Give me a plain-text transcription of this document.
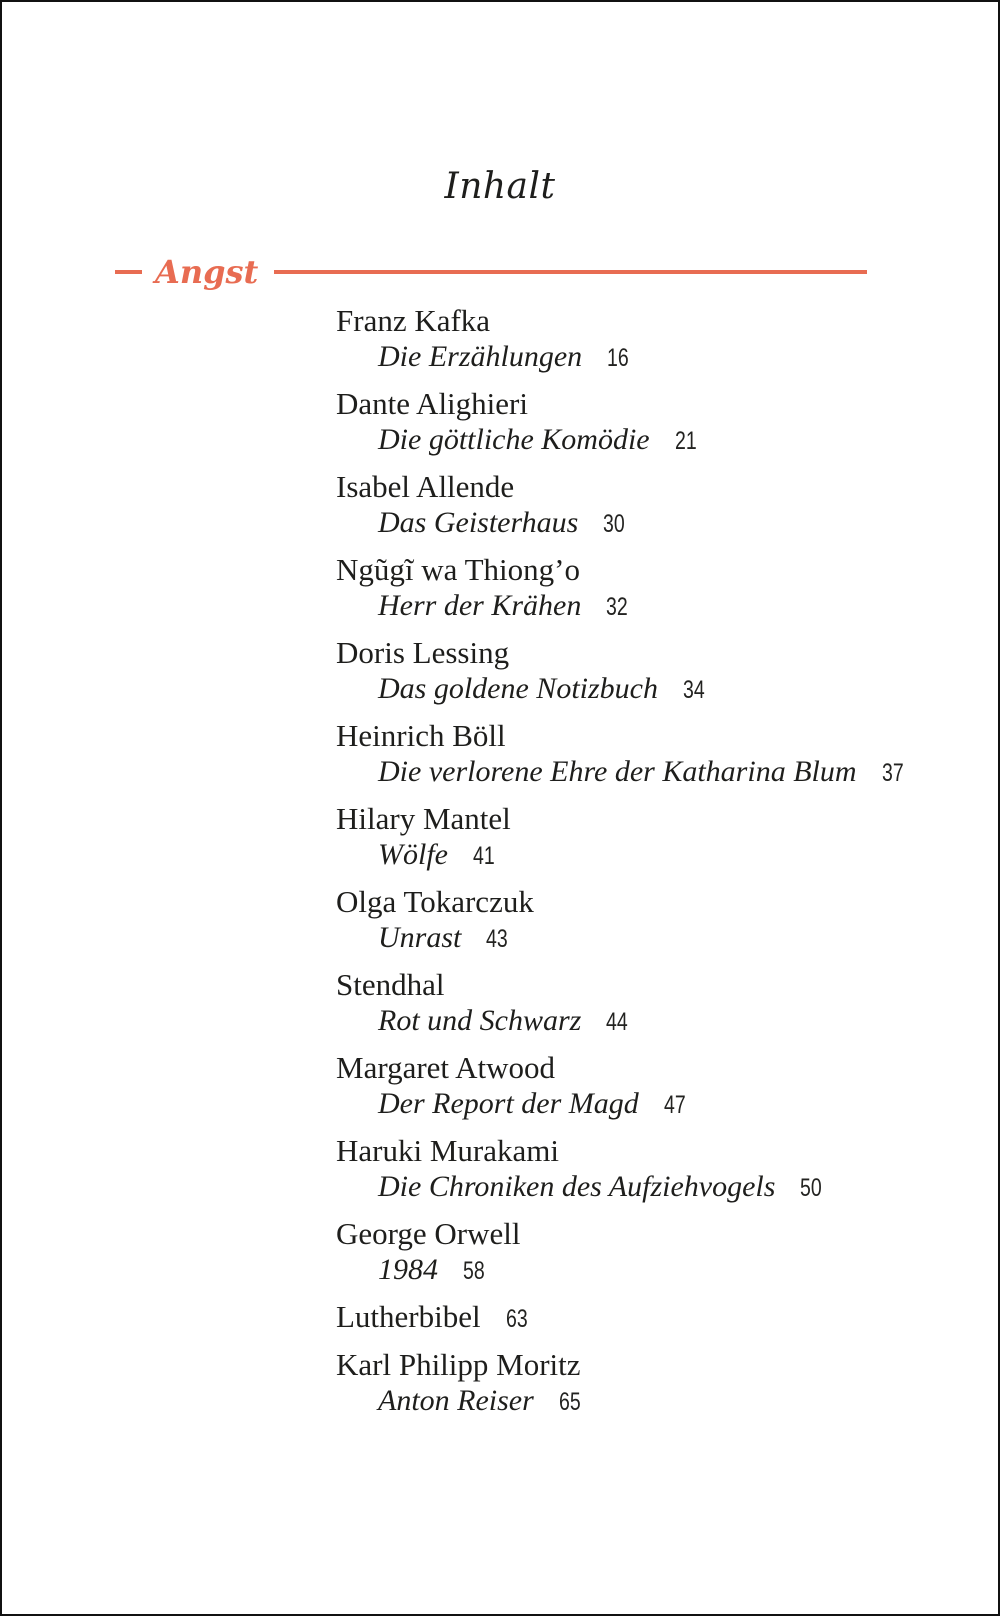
Inhalt
Angst
Franz Kafka
Die Erzählungen 16
Dante Alighieri
Die göttliche Komödie 21
Isabel Allende
Das Geisterhaus 30
Ngũgĩ wa Thiong’o
Herr der Krähen 32
Doris Lessing
Das goldene Notizbuch 34
Heinrich Böll
Die verlorene Ehre der Katharina Blum 37
Hilary Mantel
Wölfe 41
Olga Tokarczuk
Unrast 43
Stendhal
Rot und Schwarz 44
Margaret Atwood
Der Report der Magd 47
Haruki Murakami
Die Chroniken des Aufziehvogels 50
George Orwell
1984 58
Lutherbibel 63
Karl Philipp Moritz
Anton Reiser 65
